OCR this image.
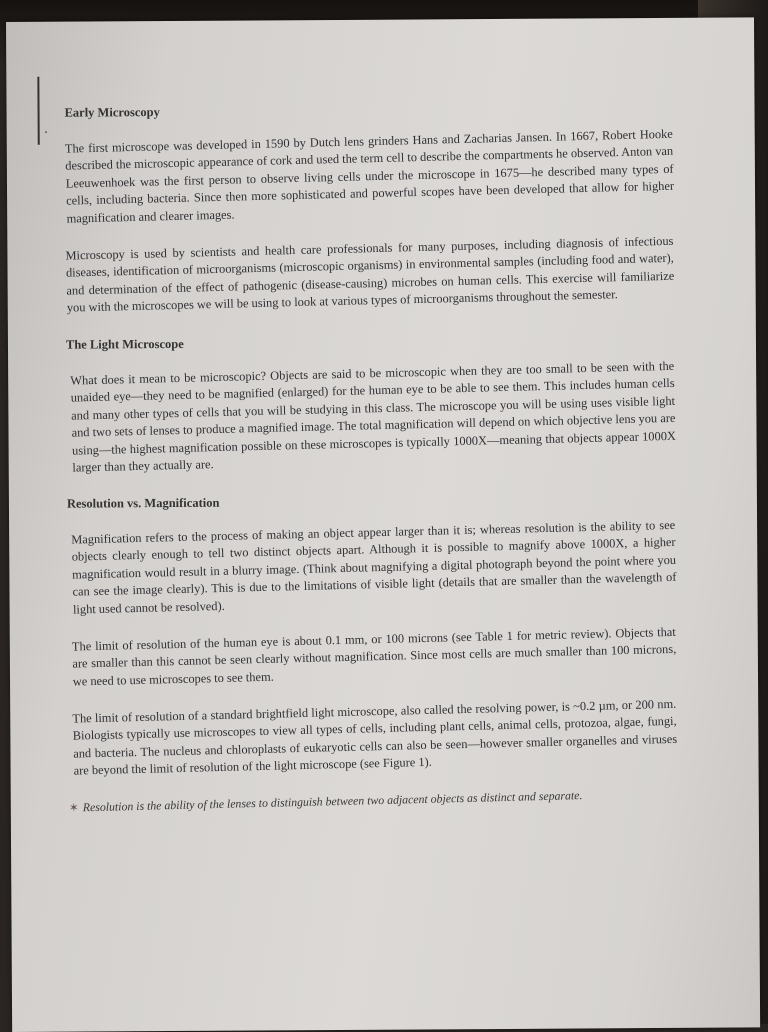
·
Early Microscopy

The first microscope was developed in 1590 by Dutch lens grinders Hans and Zacharias Jansen. In 1667, Robert Hooke described the microscopic appearance of cork and used the term cell to describe the compartments he observed. Anton van Leeuwenhoek was the first person to observe living cells under the microscope in 1675—he described many types of cells, including bacteria. Since then more sophisticated and powerful scopes have been developed that allow for higher magnification and clearer images.

Microscopy is used by scientists and health care professionals for many purposes, including diagnosis of infectious diseases, identification of microorganisms (microscopic organisms) in environmental samples (including food and water), and determination of the effect of pathogenic (disease-causing) microbes on human cells. This exercise will familiarize you with the microscopes we will be using to look at various types of microorganisms throughout the semester.

The Light Microscope

What does it mean to be microscopic? Objects are said to be microscopic when they are too small to be seen with the unaided eye—they need to be magnified (enlarged) for the human eye to be able to see them. This includes human cells and many other types of cells that you will be studying in this class. The microscope you will be using uses visible light and two sets of lenses to produce a magnified image. The total magnification will depend on which objective lens you are using—the highest magnification possible on these microscopes is typically 1000X—meaning that objects appear 1000X larger than they actually are.

Resolution vs. Magnification

Magnification refers to the process of making an object appear larger than it is; whereas resolution is the ability to see objects clearly enough to tell two distinct objects apart. Although it is possible to magnify above 1000X, a higher magnification would result in a blurry image. (Think about magnifying a digital photograph beyond the point where you can see the image clearly). This is due to the limitations of visible light (details that are smaller than the wavelength of light used cannot be resolved).

The limit of resolution of the human eye is about 0.1 mm, or 100 microns (see Table 1 for metric review). Objects that are smaller than this cannot be seen clearly without magnification. Since most cells are much smaller than 100 microns, we need to use microscopes to see them.

The limit of resolution of a standard brightfield light microscope, also called the resolving power, is ~0.2 µm, or 200 nm. Biologists typically use microscopes to view all types of cells, including plant cells, animal cells, protozoa, algae, fungi, and bacteria. The nucleus and chloroplasts of eukaryotic cells can also be seen—however smaller organelles and viruses are beyond the limit of resolution of the light microscope (see Figure 1).

✶ Resolution is the ability of the lenses to distinguish between two adjacent objects as distinct and separate.
